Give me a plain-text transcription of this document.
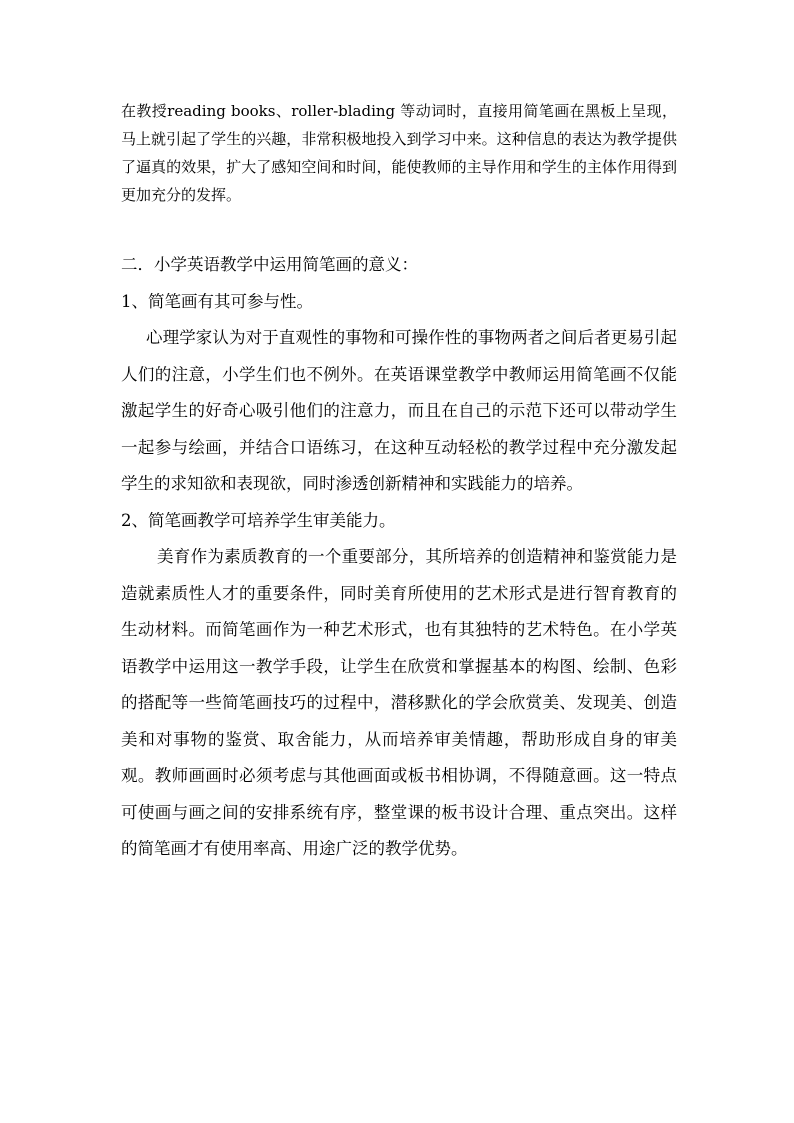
在教授reading books、roller-blading 等动词时，直接用简笔画在黑板上呈现，马上就引起了学生的兴趣，非常积极地投入到学习中来。这种信息的表达为教学提供了逼真的效果，扩大了感知空间和时间，能使教师的主导作用和学生的主体作用得到更加充分的发挥。

二．小学英语教学中运用简笔画的意义：

1、简笔画有其可参与性。

心理学家认为对于直观性的事物和可操作性的事物两者之间后者更易引起人们的注意，小学生们也不例外。在英语课堂教学中教师运用简笔画不仅能激起学生的好奇心吸引他们的注意力，而且在自己的示范下还可以带动学生一起参与绘画，并结合口语练习，在这种互动轻松的教学过程中充分激发起学生的求知欲和表现欲，同时渗透创新精神和实践能力的培养。

2、简笔画教学可培养学生审美能力。

美育作为素质教育的一个重要部分，其所培养的创造精神和鉴赏能力是造就素质性人才的重要条件，同时美育所使用的艺术形式是进行智育教育的生动材料。而简笔画作为一种艺术形式，也有其独特的艺术特色。在小学英语教学中运用这一教学手段，让学生在欣赏和掌握基本的构图、绘制、色彩的搭配等一些简笔画技巧的过程中，潜移默化的学会欣赏美、发现美、创造美和对事物的鉴赏、取舍能力，从而培养审美情趣，帮助形成自身的审美观。教师画画时必须考虑与其他画面或板书相协调，不得随意画。这一特点可使画与画之间的安排系统有序，整堂课的板书设计合理、重点突出。这样的简笔画才有使用率高、用途广泛的教学优势。
